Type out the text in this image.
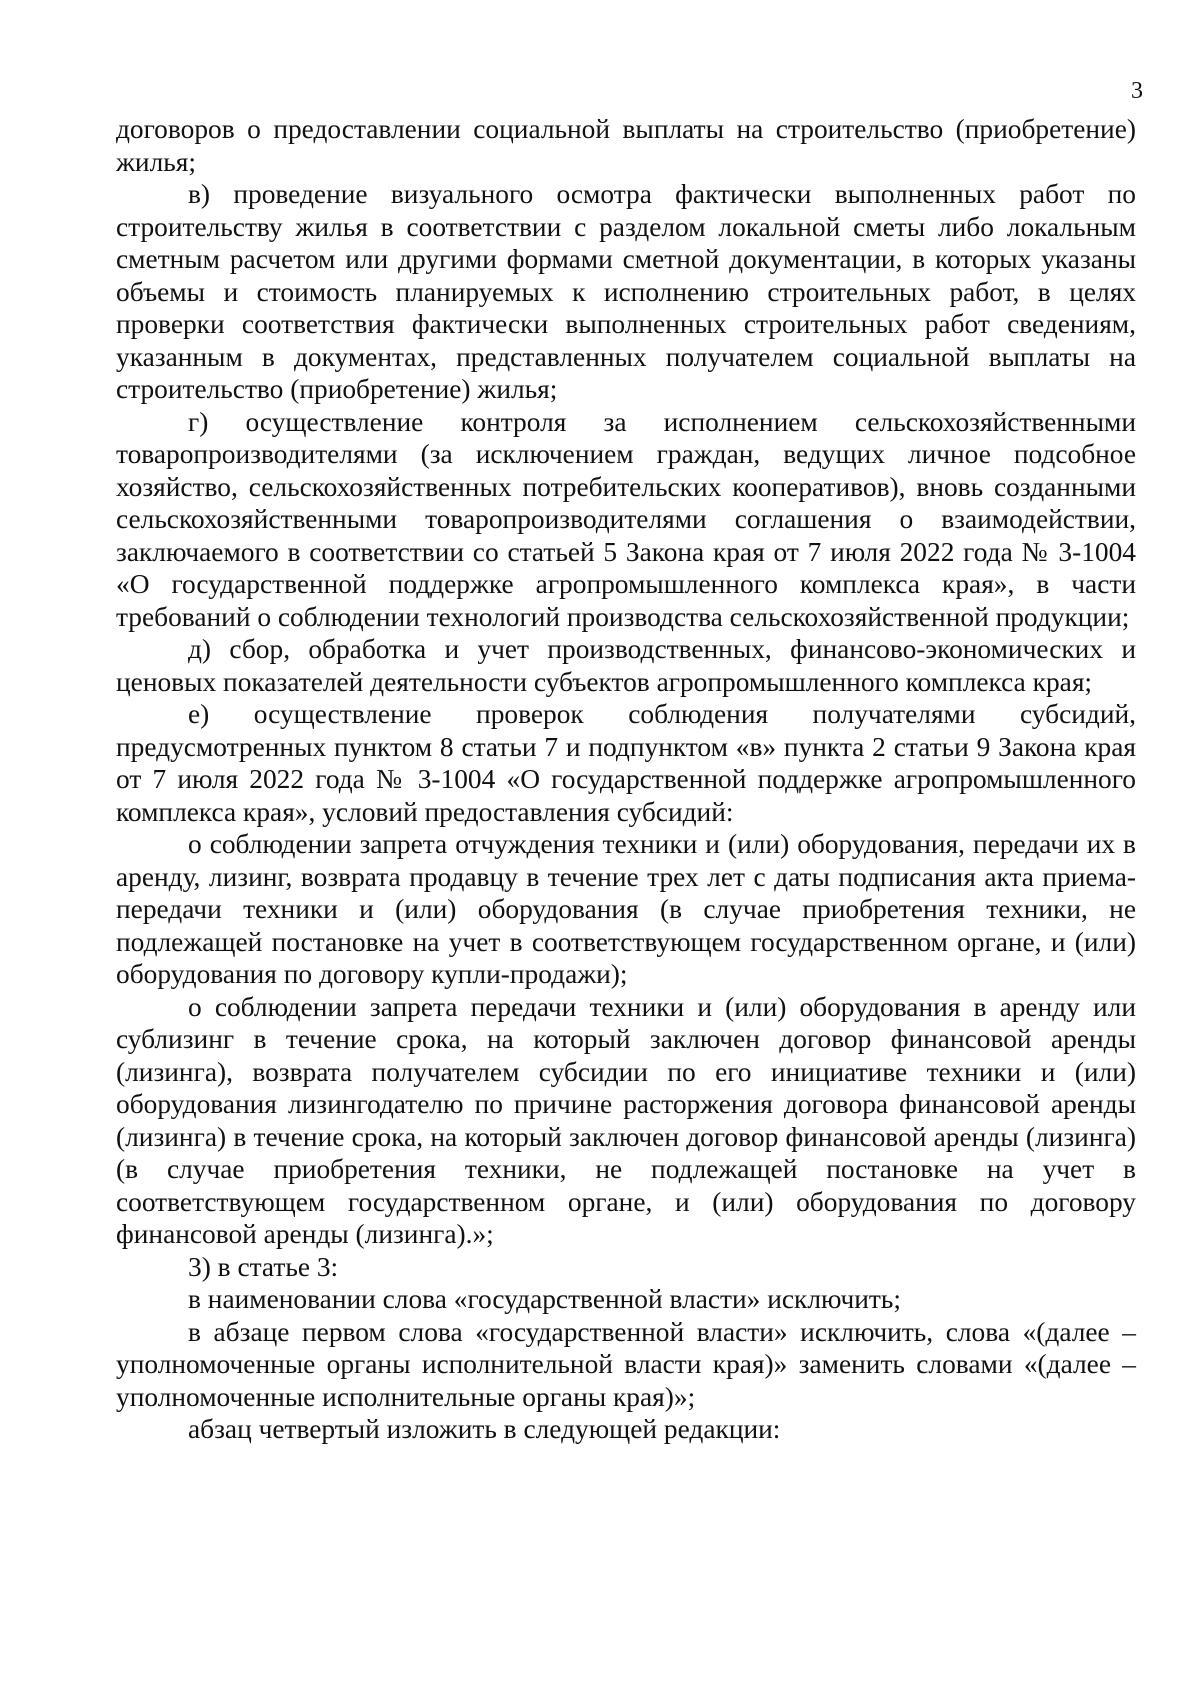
3

договоров о предоставлении социальной выплаты на строительство (приобретение) жилья;

в) проведение визуального осмотра фактически выполненных работ по строительству жилья в соответствии с разделом локальной сметы либо локальным сметным расчетом или другими формами сметной документации, в которых указаны объемы и стоимость планируемых к исполнению строительных работ, в целях проверки соответствия фактически выполненных строительных работ сведениям, указанным в документах, представленных получателем социальной выплаты на строительство (приобретение) жилья;

г) осуществление контроля за исполнением сельскохозяйственными товаропроизводителями (за исключением граждан, ведущих личное подсобное хозяйство, сельскохозяйственных потребительских кооперативов), вновь созданными сельскохозяйственными товаропроизводителями соглашения о взаимодействии, заключаемого в соответствии со статьей 5 Закона края от 7 июля 2022 года № 3-1004 «О государственной поддержке агропромышленного комплекса края», в части требований о соблюдении технологий производства сельскохозяйственной продукции;

д) сбор, обработка и учет производственных, финансово-экономических и ценовых показателей деятельности субъектов агропромышленного комплекса края;

е) осуществление проверок соблюдения получателями субсидий, предусмотренных пунктом 8 статьи 7 и подпунктом «в» пункта 2 статьи 9 Закона края от 7 июля 2022 года № 3-1004 «О государственной поддержке агропромышленного комплекса края», условий предоставления субсидий:

о соблюдении запрета отчуждения техники и (или) оборудования, передачи их в аренду, лизинг, возврата продавцу в течение трех лет с даты подписания акта приема-передачи техники и (или) оборудования (в случае приобретения техники, не подлежащей постановке на учет в соответствующем государственном органе, и (или) оборудования по договору купли-продажи);

о соблюдении запрета передачи техники и (или) оборудования в аренду или сублизинг в течение срока, на который заключен договор финансовой аренды (лизинга), возврата получателем субсидии по его инициативе техники и (или) оборудования лизингодателю по причине расторжения договора финансовой аренды (лизинга) в течение срока, на который заключен договор финансовой аренды (лизинга) (в случае приобретения техники, не подлежащей постановке на учет в соответствующем государственном органе, и (или) оборудования по договору финансовой аренды (лизинга).»;

3) в статье 3:

в наименовании слова «государственной власти» исключить;

в абзаце первом слова «государственной власти» исключить, слова «(далее – уполномоченные органы исполнительной власти края)» заменить словами «(далее – уполномоченные исполнительные органы края)»;

абзац четвертый изложить в следующей редакции:
